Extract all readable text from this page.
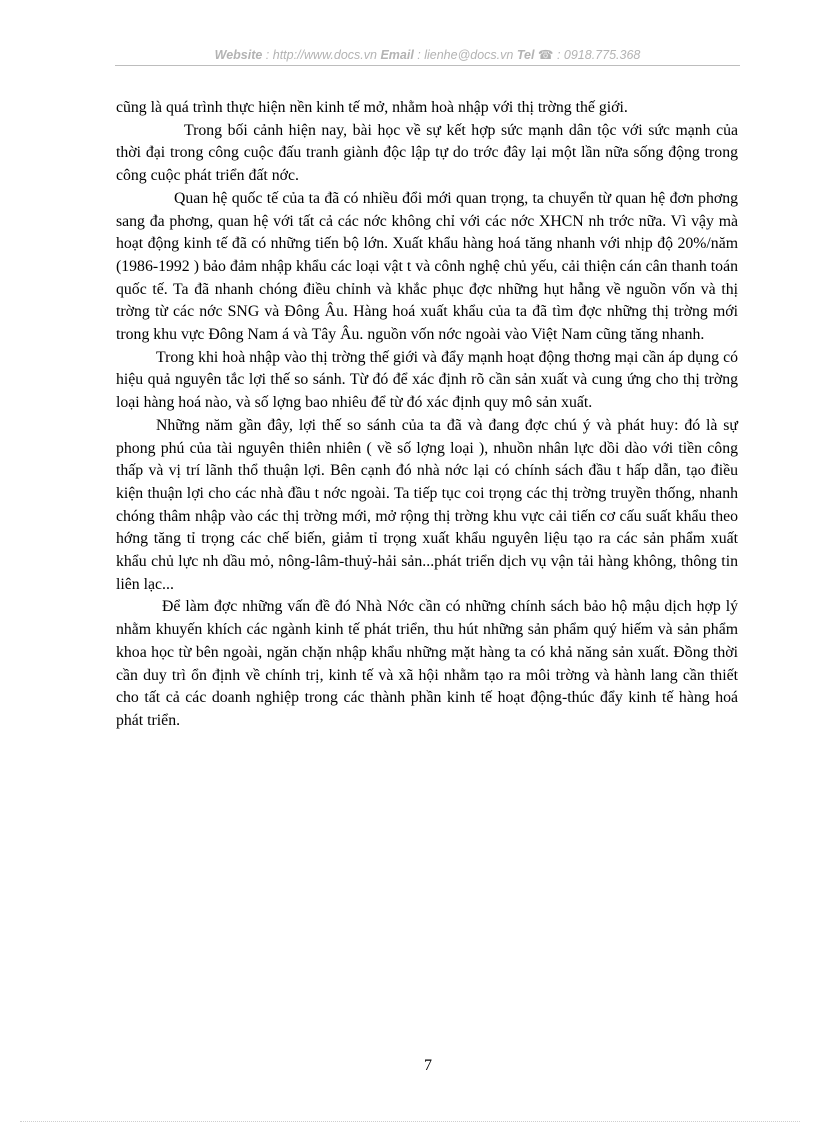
Website : http://www.docs.vn Email : lienhe@docs.vn Tel ☎ : 0918.775.368

cũng là quá trình thực hiện nền kinh tế mở, nhằm hoà nhập với thị trờng thế giới.

Trong bối cảnh hiện nay, bài học về sự kết hợp sức mạnh dân tộc với sức mạnh của thời đại trong công cuộc đấu tranh giành độc lập tự do trớc đây lại một lần nữa sống động trong công cuộc phát triển đất nớc.

Quan hệ quốc tế của ta đã có nhiều đổi mới quan trọng, ta chuyển từ quan hệ đơn phơng sang đa phơng, quan hệ với tất cả các nớc không chỉ với các nớc XHCN nh trớc nữa. Vì vậy mà hoạt động kinh tế đã có những tiến bộ lớn. Xuất khẩu hàng hoá tăng nhanh với nhịp độ 20%/năm (1986-1992 ) bảo đảm nhập khẩu các loại vật t và cônh nghệ chủ yếu, cải thiện cán cân thanh toán quốc tế. Ta đã nhanh chóng điều chỉnh và khắc phục đợc những hụt hẫng về nguồn vốn và thị trờng từ các nớc SNG và Đông Âu. Hàng hoá xuất khẩu của ta đã tìm đợc những thị trờng mới trong khu vực Đông Nam á và Tây Âu. nguồn vốn nớc ngoài vào Việt Nam cũng tăng nhanh.

Trong khi hoà nhập vào thị trờng thế giới và đẩy mạnh hoạt động thơng mại cần áp dụng có hiệu quả nguyên tắc lợi thế so sánh. Từ đó để xác định rõ cần sản xuất và cung ứng cho thị trờng loại hàng hoá nào, và số lợng bao nhiêu để từ đó xác định quy mô sản xuất.

Những năm gần đây, lợi thế so sánh của ta đã và đang đợc chú ý và phát huy: đó là sự phong phú của tài nguyên thiên nhiên ( về số lợng loại ), nhuồn nhân lực dồi dào với tiền công thấp và vị trí lãnh thổ thuận lợi. Bên cạnh đó nhà nớc lại có chính sách đầu t hấp dẫn, tạo điều kiện thuận lợi cho các nhà đầu t nớc ngoài. Ta tiếp tục coi trọng các thị trờng truyền thống, nhanh chóng thâm nhập vào các thị trờng mới, mở rộng thị trờng khu vực cải tiến cơ cấu suất khẩu theo hớng tăng tỉ trọng các chế biến, giảm tỉ trọng xuất khẩu nguyên liệu tạo ra các sản phẩm xuất khẩu chủ lực nh dầu mỏ, nông-lâm-thuỷ-hải sản...phát triển dịch vụ vận tải hàng không, thông tin liên lạc...

Để làm đợc những vấn đề đó Nhà Nớc cần có những chính sách bảo hộ mậu dịch hợp lý nhằm khuyến khích các ngành kinh tế phát triển, thu hút những sản phẩm quý hiếm và sản phẩm khoa học từ bên ngoài, ngăn chặn nhập khẩu những mặt hàng ta có khả năng sản xuất. Đồng thời cần duy trì ổn định về chính trị, kinh tế và xã hội nhằm tạo ra môi trờng và hành lang cần thiết cho tất cả các doanh nghiệp trong các thành phần kinh tế hoạt động-thúc đẩy kinh tế hàng hoá phát triển.

7
